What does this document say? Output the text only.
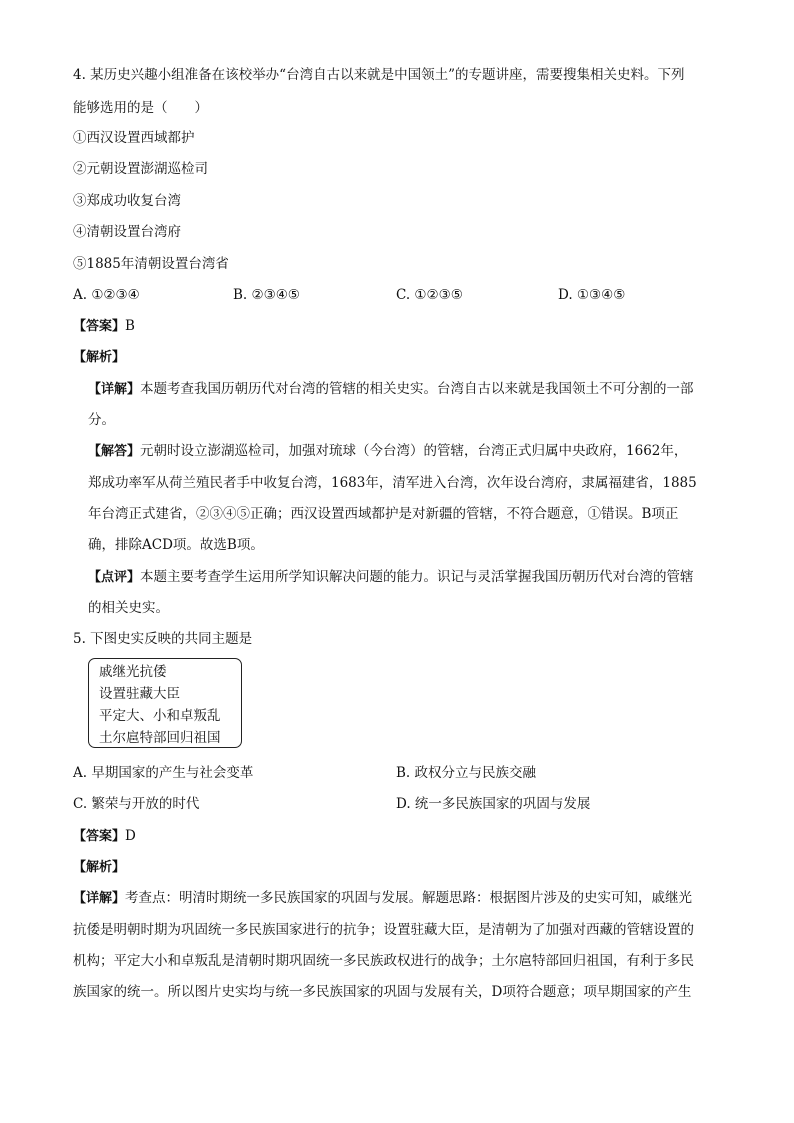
4. 某历史兴趣小组准备在该校举办“台湾自古以来就是中国领土”的专题讲座，需要搜集相关史料。下列
能够选用的是（　　）
①西汉设置西域都护
②元朝设置澎湖巡检司
③郑成功收复台湾
④清朝设置台湾府
⑤1885年清朝设置台湾省
A. ①②③④	B. ②③④⑤	C. ①②③⑤	D. ①③④⑤
【答案】B
【解析】
【详解】本题考查我国历朝历代对台湾的管辖的相关史实。台湾自古以来就是我国领土不可分割的一部
分。
【解答】元朝时设立澎湖巡检司，加强对琉球（今台湾）的管辖，台湾正式归属中央政府，1662年，
郑成功率军从荷兰殖民者手中收复台湾，1683年，清军进入台湾，次年设台湾府，隶属福建省，1885
年台湾正式建省，②③④⑤正确；西汉设置西域都护是对新疆的管辖，不符合题意，①错误。B项正
确，排除ACD项。故选B项。
【点评】本题主要考查学生运用所学知识解决问题的能力。识记与灵活掌握我国历朝历代对台湾的管辖
的相关史实。
5. 下图史实反映的共同主题是
戚继光抗倭
设置驻藏大臣
平定大、小和卓叛乱
土尔扈特部回归祖国
A. 早期国家的产生与社会变革	B. 政权分立与民族交融
C. 繁荣与开放的时代	D. 统一多民族国家的巩固与发展
【答案】D
【解析】
【详解】考查点：明清时期统一多民族国家的巩固与发展。解题思路：根据图片涉及的史实可知，戚继光
抗倭是明朝时期为巩固统一多民族国家进行的抗争；设置驻藏大臣，是清朝为了加强对西藏的管辖设置的
机构；平定大小和卓叛乱是清朝时期巩固统一多民族政权进行的战争；土尔扈特部回归祖国，有利于多民
族国家的统一。所以图片史实均与统一多民族国家的巩固与发展有关，D项符合题意；项早期国家的产生
